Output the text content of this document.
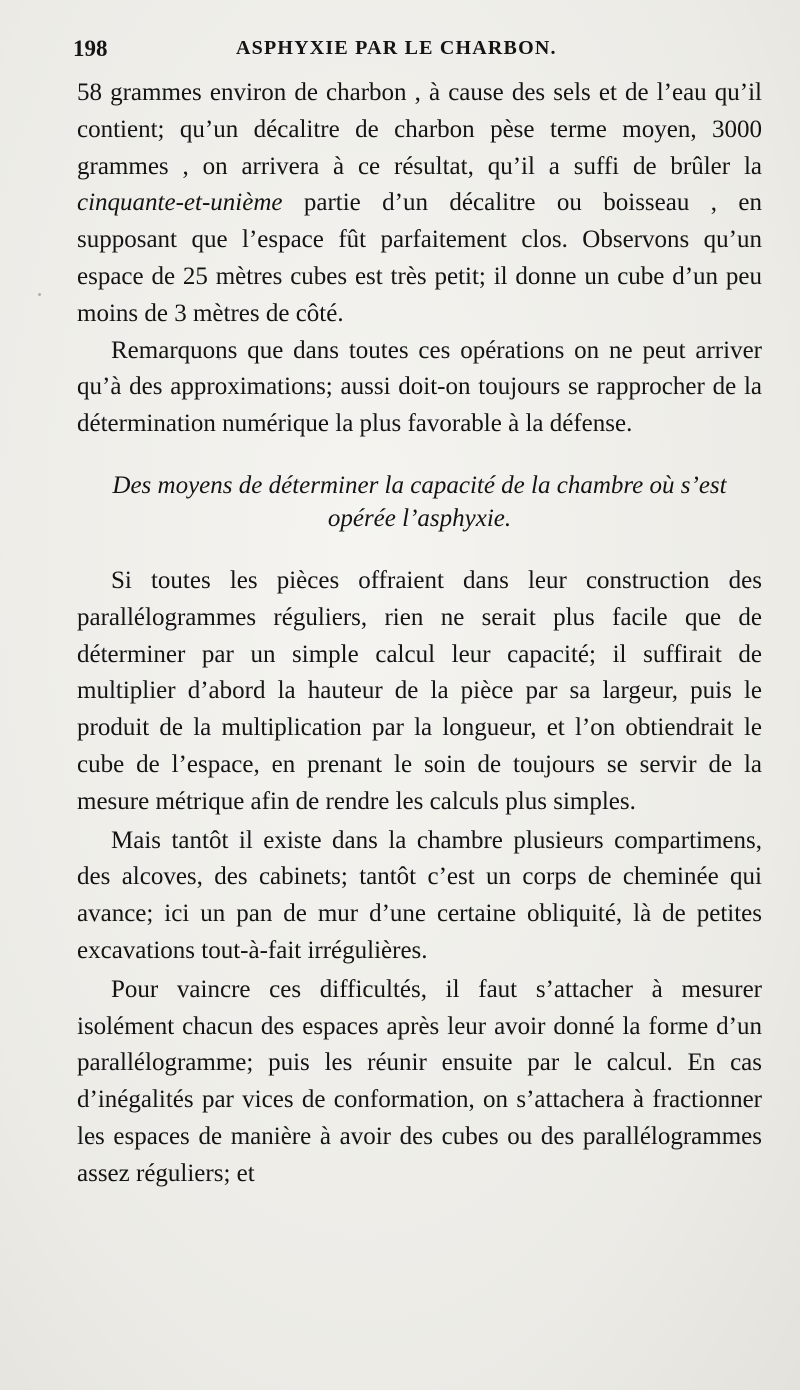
198	ASPHYXIE PAR LE CHARBON.

58 grammes environ de charbon , à cause des sels et de l’eau qu’il contient; qu’un décalitre de charbon pèse terme moyen, 3000 grammes , on arrivera à ce résultat, qu’il a suffi de brûler la cinquante-et-unième partie d’un décalitre ou boisseau , en supposant que l’espace fût parfaitement clos. Observons qu’un espace de 25 mètres cubes est très petit; il donne un cube d’un peu moins de 3 mètres de côté.

Remarquons que dans toutes ces opérations on ne peut arriver qu’à des approximations; aussi doit-on toujours se rapprocher de la détermination numérique la plus favorable à la défense.

Des moyens de déterminer la capacité de la chambre où s’est
opérée l’asphyxie.

Si toutes les pièces offraient dans leur construction des parallélogrammes réguliers, rien ne serait plus facile que de déterminer par un simple calcul leur capacité; il suffirait de multiplier d’abord la hauteur de la pièce par sa largeur, puis le produit de la multiplication par la longueur, et l’on obtiendrait le cube de l’espace, en prenant le soin de toujours se servir de la mesure métrique afin de rendre les calculs plus simples.

Mais tantôt il existe dans la chambre plusieurs compartimens, des alcoves, des cabinets; tantôt c’est un corps de cheminée qui avance; ici un pan de mur d’une certaine obliquité, là de petites excavations tout-à-fait irrégulières.

Pour vaincre ces difficultés, il faut s’attacher à mesurer isolément chacun des espaces après leur avoir donné la forme d’un parallélogramme; puis les réunir ensuite par le calcul. En cas d’inégalités par vices de conformation, on s’attachera à fractionner les espaces de manière à avoir des cubes ou des parallélogrammes assez réguliers; et
